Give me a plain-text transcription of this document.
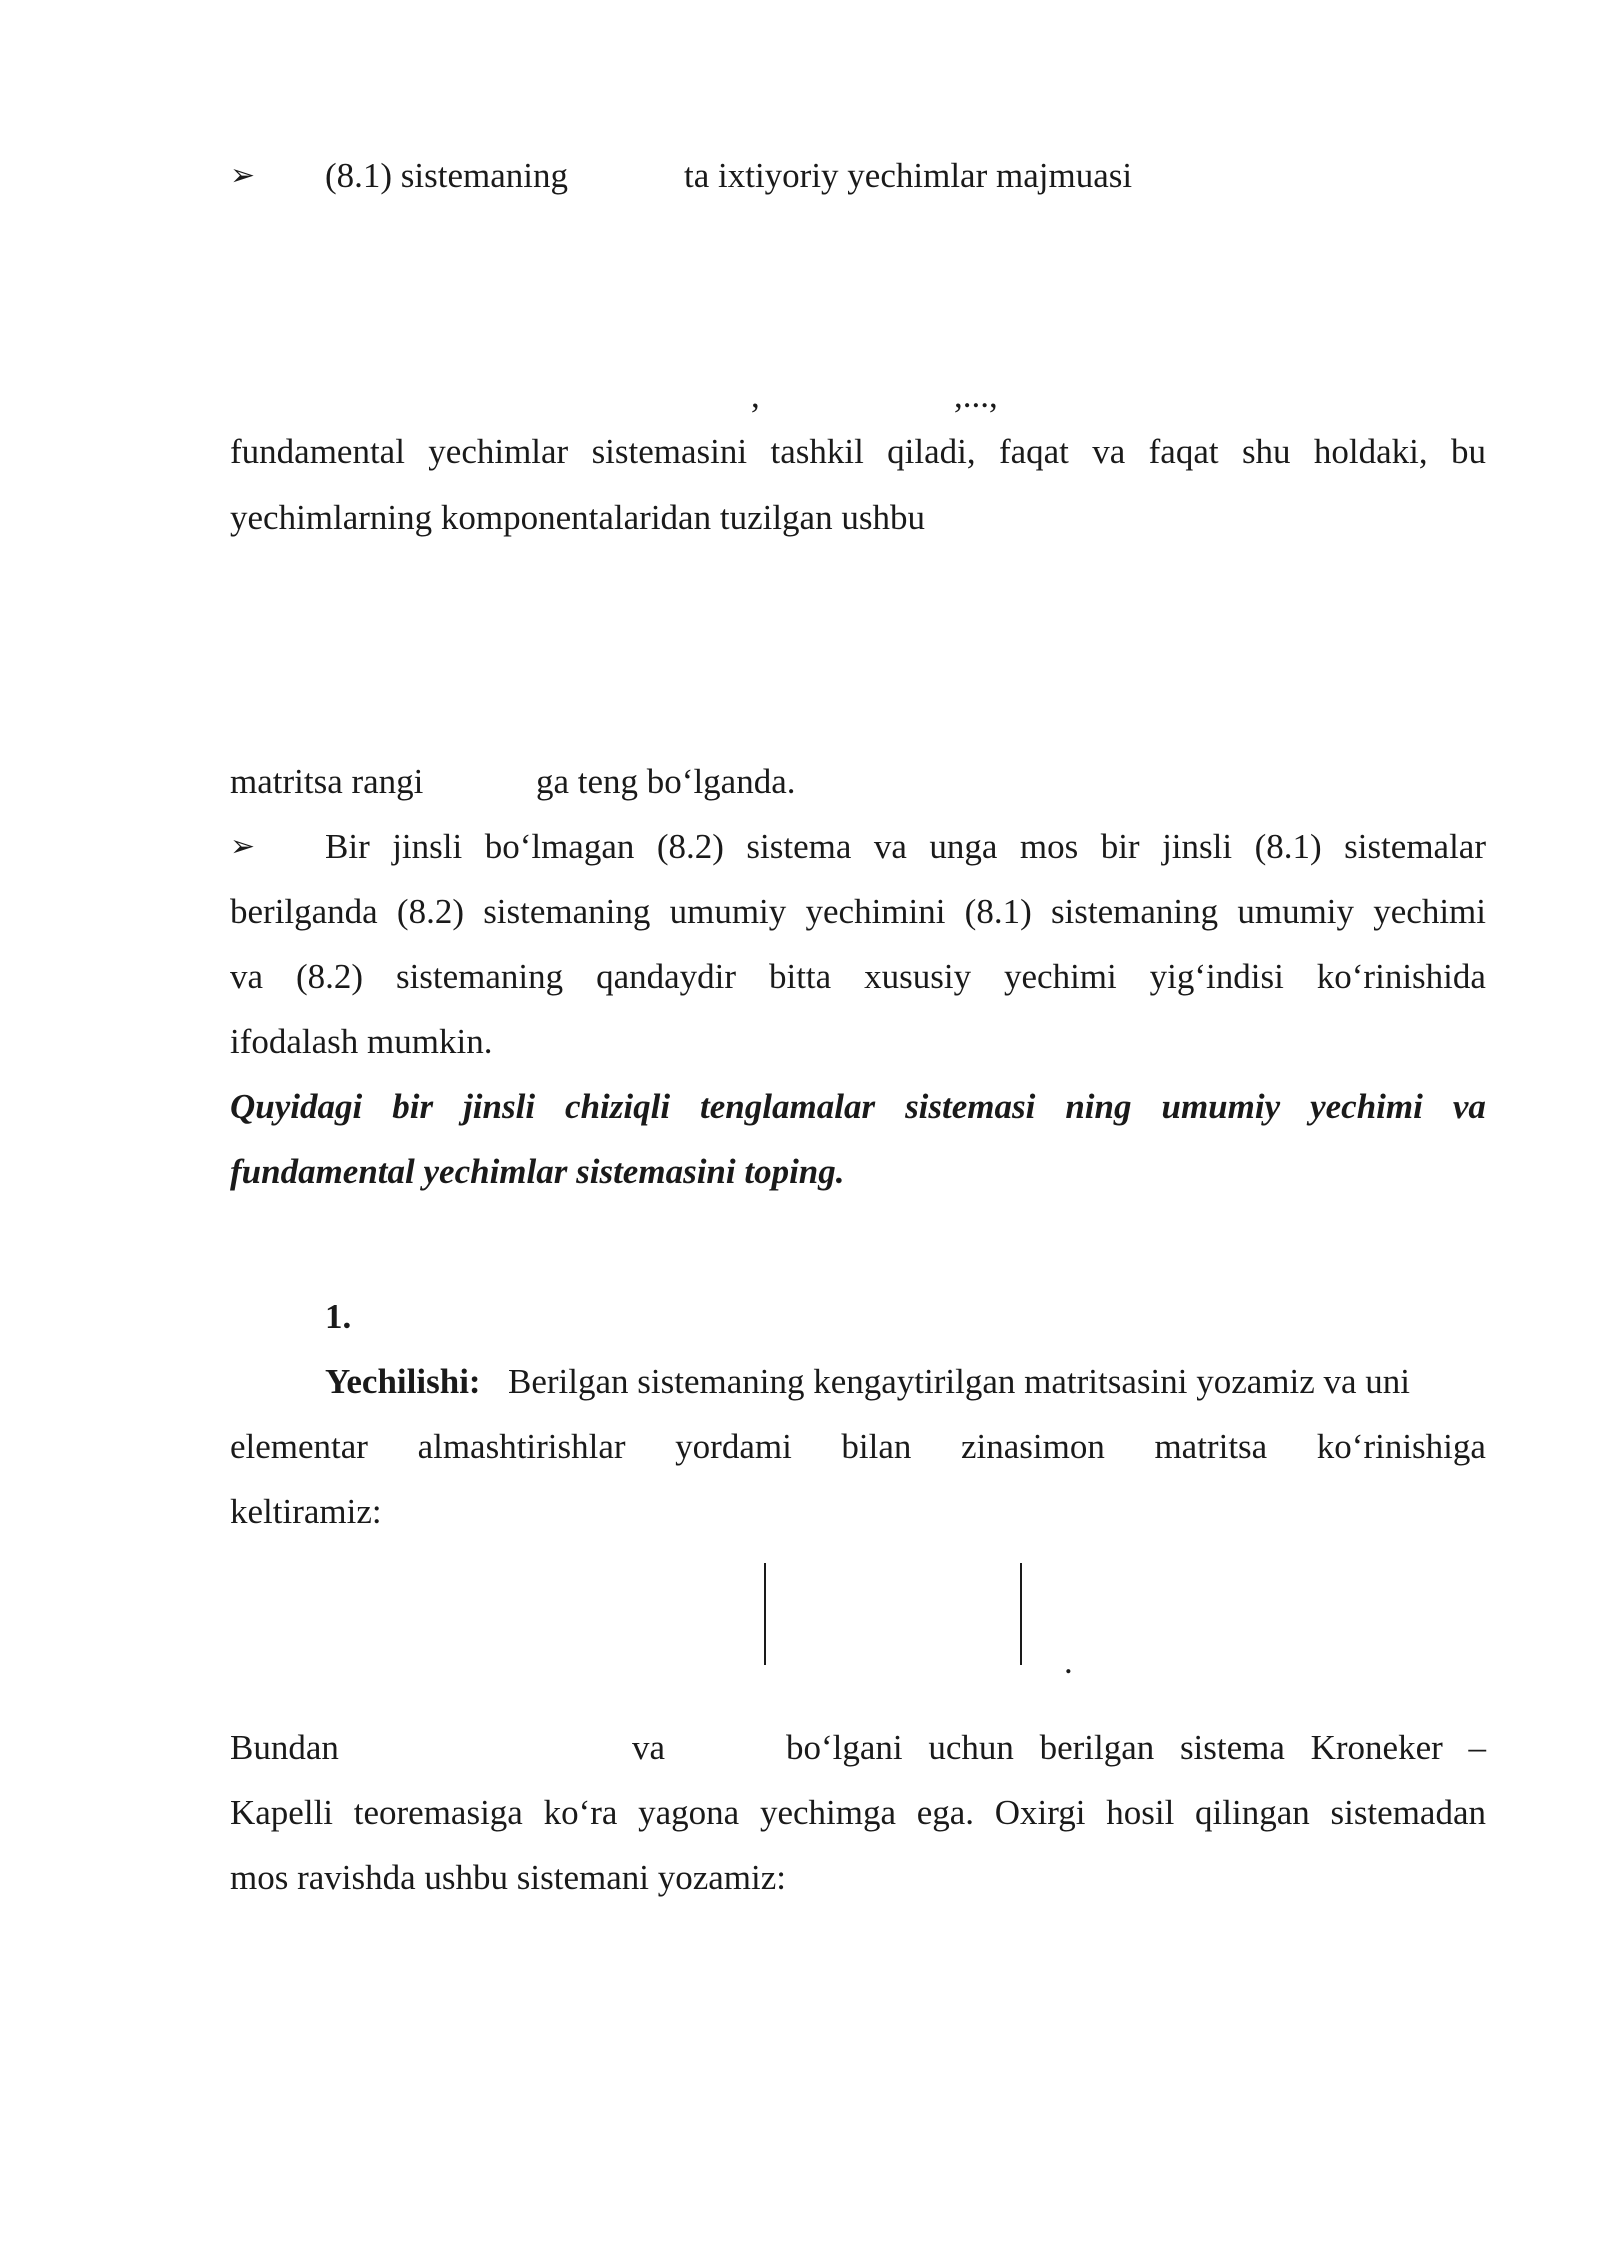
➢ (8.1) sistemaning	ta ixtiyoriy yechimlar majmuasi
,	,...,
fundamental yechimlar sistemasini tashkil qiladi, faqat va faqat shu holdaki, bu
yechimlarning komponentalaridan tuzilgan ushbu
matritsa rangi	ga teng bo‘lganda.
➢ Bir jinsli bo‘lmagan (8.2) sistema va unga mos bir jinsli (8.1) sistemalar
berilganda (8.2) sistemaning umumiy yechimini (8.1) sistemaning umumiy yechimi
va (8.2) sistemaning qandaydir bitta xususiy yechimi yig‘indisi ko‘rinishida
ifodalash mumkin.
Quyidagi bir jinsli chiziqli tenglamalar sistemasi ning umumiy yechimi va
fundamental yechimlar sistemasini toping.
1.
Yechilishi: Berilgan sistemaning kengaytirilgan matritsasini yozamiz va uni
elementar almashtirishlar yordami bilan zinasimon matritsa ko‘rinishiga
keltiramiz:
.
Bundan	va	bo‘lgani uchun berilgan sistema Kroneker –
Kapelli teoremasiga ko‘ra yagona yechimga ega. Oxirgi hosil qilingan sistemadan
mos ravishda ushbu sistemani yozamiz:
